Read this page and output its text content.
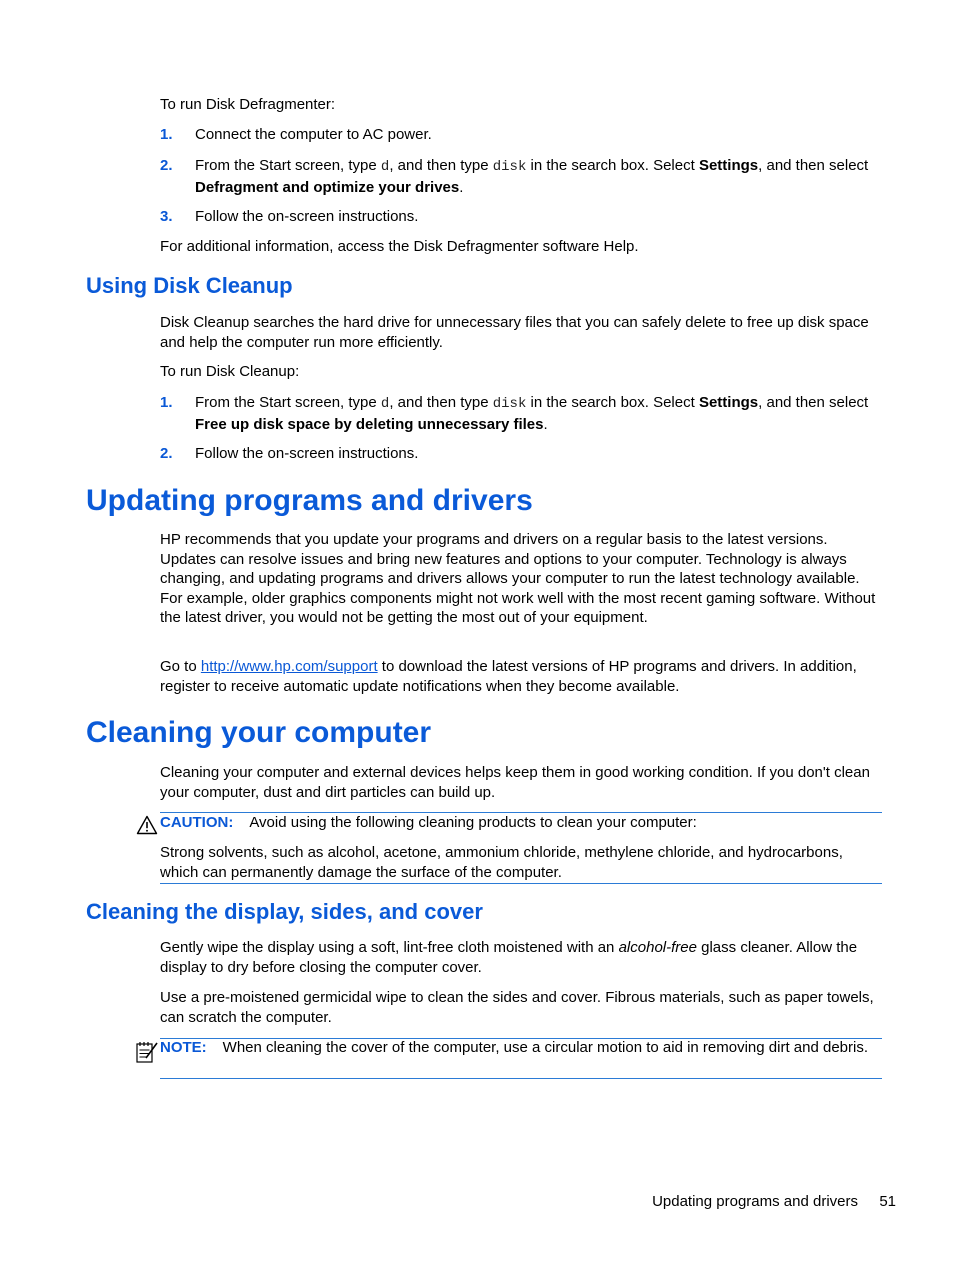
To run Disk Defragmenter:

1. Connect the computer to AC power.

2. From the Start screen, type d, and then type disk in the search box. Select Settings, and then select Defragment and optimize your drives.

3. Follow the on-screen instructions.

For additional information, access the Disk Defragmenter software Help.

Using Disk Cleanup

Disk Cleanup searches the hard drive for unnecessary files that you can safely delete to free up disk space and help the computer run more efficiently.

To run Disk Cleanup:

1. From the Start screen, type d, and then type disk in the search box. Select Settings, and then select Free up disk space by deleting unnecessary files.

2. Follow the on-screen instructions.

Updating programs and drivers

HP recommends that you update your programs and drivers on a regular basis to the latest versions. Updates can resolve issues and bring new features and options to your computer. Technology is always changing, and updating programs and drivers allows your computer to run the latest technology available. For example, older graphics components might not work well with the most recent gaming software. Without the latest driver, you would not be getting the most out of your equipment.

Go to http://www.hp.com/support to download the latest versions of HP programs and drivers. In addition, register to receive automatic update notifications when they become available.

Cleaning your computer

Cleaning your computer and external devices helps keep them in good working condition. If you don't clean your computer, dust and dirt particles can build up.

CAUTION: Avoid using the following cleaning products to clean your computer:

Strong solvents, such as alcohol, acetone, ammonium chloride, methylene chloride, and hydrocarbons, which can permanently damage the surface of the computer.

Cleaning the display, sides, and cover

Gently wipe the display using a soft, lint-free cloth moistened with an alcohol-free glass cleaner. Allow the display to dry before closing the computer cover.

Use a pre-moistened germicidal wipe to clean the sides and cover. Fibrous materials, such as paper towels, can scratch the computer.

NOTE: When cleaning the cover of the computer, use a circular motion to aid in removing dirt and debris.

Updating programs and drivers 51
